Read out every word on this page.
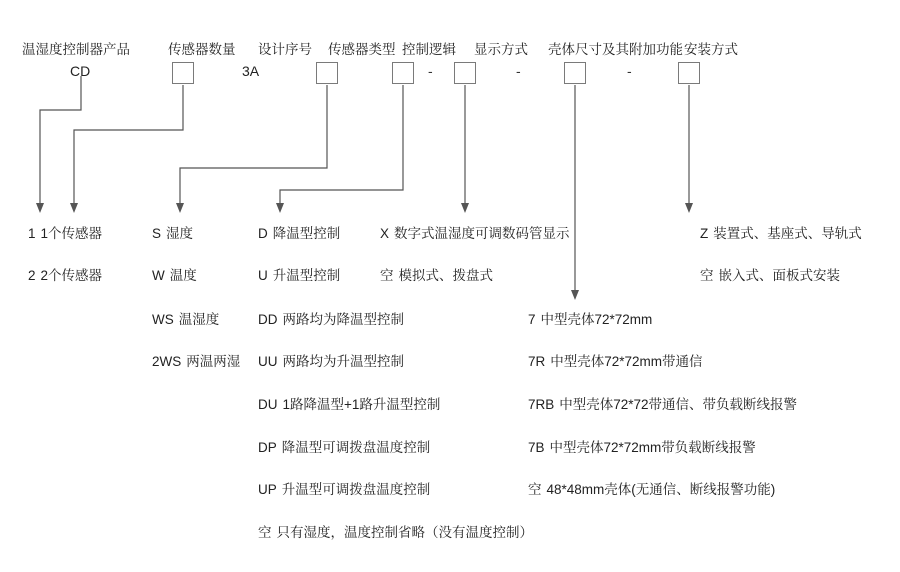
温湿度控制器产品	传感器数量 设计序号 传感器类型 控制逻辑 显示方式 壳体尺寸及其附加功能 安装方式
CD	3A	-	-	-
1 1个传感器
2 2个传感器
S 湿度
W 温度
WS 温湿度
2WS 两温两湿
D 降温型控制
U 升温型控制
DD 两路均为降温型控制
UU 两路均为升温型控制
DU 1路降温型+1路升温型控制
DP 降温型可调拨盘温度控制
UP 升温型可调拨盘温度控制
空 只有湿度，温度控制省略（没有温度控制）
X 数字式温湿度可调数码管显示
空 模拟式、拨盘式
7 中型壳体72*72mm
7R 中型壳体72*72mm带通信
7RB 中型壳体72*72带通信、带负载断线报警
7B 中型壳体72*72mm带负载断线报警
空 48*48mm壳体(无通信、断线报警功能)
Z 装置式、基座式、导轨式
空 嵌入式、面板式安装
